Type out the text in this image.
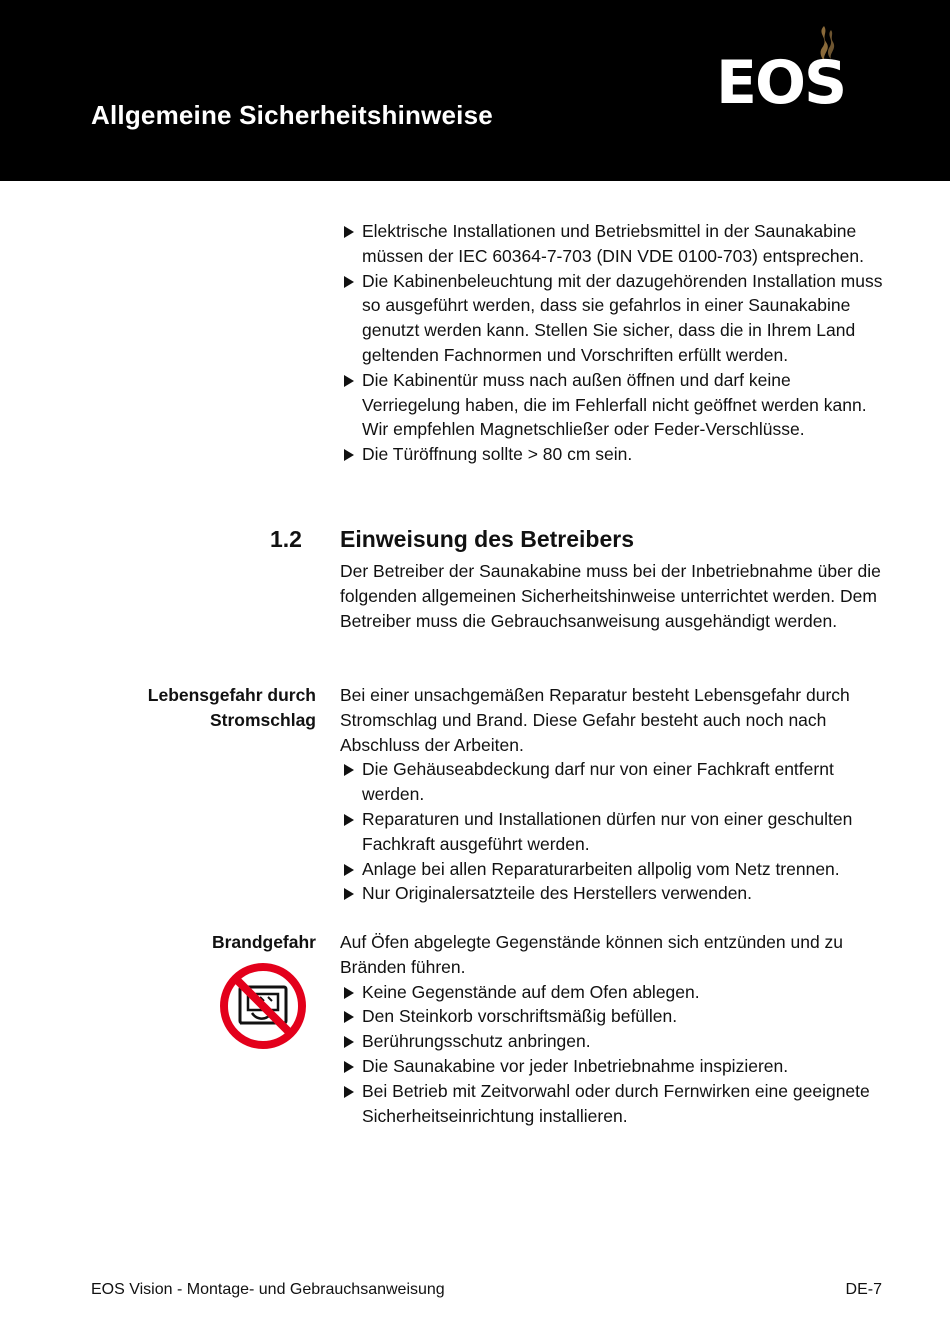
Allgemeine Sicherheitshinweise	EOS
Elektrische Installationen und Betriebsmittel in der Saunakabine müssen der IEC 60364-7-703 (DIN VDE 0100-703) entsprechen.
Die Kabinenbeleuchtung mit der dazugehörenden Installation muss so ausgeführt werden, dass sie gefahrlos in einer Saunakabine genutzt werden kann. Stellen Sie sicher, dass die in Ihrem Land geltenden Fachnormen und Vorschriften erfüllt werden.
Die Kabinentür muss nach außen öffnen und darf keine Verriegelung haben, die im Fehlerfall nicht geöffnet werden kann. Wir empfehlen Magnetschließer oder Feder-Verschlüsse.
Die Türöffnung sollte > 80 cm sein.
1.2 Einweisung des Betreibers

Der Betreiber der Saunakabine muss bei der Inbetriebnahme über die folgenden allgemeinen Sicherheitshinweise unterrichtet werden. Dem Betreiber muss die Gebrauchsanweisung ausgehändigt werden.

Lebensgefahr durch
Stromschlag

Bei einer unsachgemäßen Reparatur besteht Lebensgefahr durch Stromschlag und Brand. Diese Gefahr besteht auch noch nach Abschluss der Arbeiten.

Die Gehäuseabdeckung darf nur von einer Fachkraft entfernt werden.
Reparaturen und Installationen dürfen nur von einer geschulten Fachkraft ausgeführt werden.
Anlage bei allen Reparaturarbeiten allpolig vom Netz trennen.
Nur Originalersatzteile des Herstellers verwenden.
Brandgefahr Auf Öfen abgelegte Gegenstände können sich entzünden und zu Bränden führen.

Keine Gegenstände auf dem Ofen ablegen.
Den Steinkorb vorschriftsmäßig befüllen.
Berührungsschutz anbringen.
Die Saunakabine vor jeder Inbetriebnahme inspizieren.
Bei Betrieb mit Zeitvorwahl oder durch Fernwirken eine geeignete Sicherheitseinrichtung installieren.
EOS Vision - Montage- und Gebrauchsanweisung	DE-7
